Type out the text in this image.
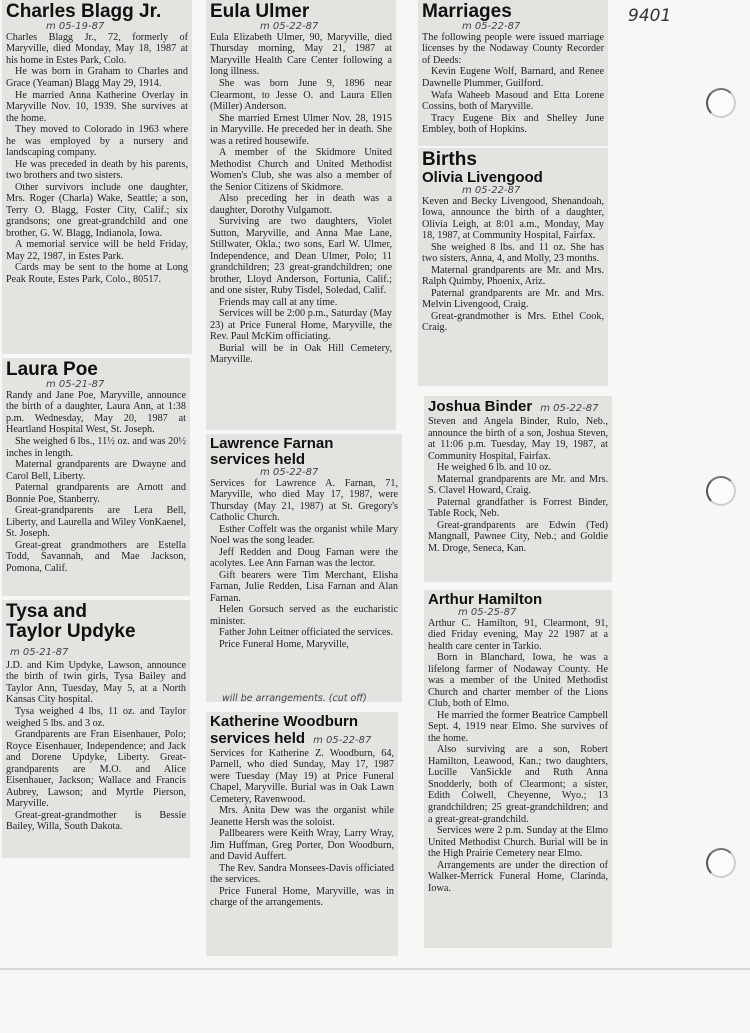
9401
Charles Blagg Jr.
m 05-19-87

Charles Blagg Jr., 72, formerly of Maryville, died Monday, May 18, 1987 at his home in Estes Park, Colo.

He was born in Graham to Charles and Grace (Yeaman) Blagg May 29, 1914.

He married Anna Katherine Overlay in Maryville Nov. 10, 1939. She survives at the home.

They moved to Colorado in 1963 where he was employed by a nursery and landscaping company.

He was preceded in death by his parents, two brothers and two sisters.

Other survivors include one daughter, Mrs. Roger (Charla) Wake, Seattle; a son, Terry O. Blagg, Foster City, Calif.; six grandsons; one great-grandchild and one brother, G. W. Blagg, Indianola, Iowa.

A memorial service will be held Friday, May 22, 1987, in Estes Park.

Cards may be sent to the home at Long Peak Route, Estes Park, Colo., 80517.

Laura Poe
m 05-21-87

Randy and Jane Poe, Maryville, announce the birth of a daughter, Laura Ann, at 1:38 p.m. Wednesday, May 20, 1987 at Heartland Hospital West, St. Joseph.

She weighed 6 lbs., 11½ oz. and was 20½ inches in length.

Maternal grandparents are Dwayne and Carol Bell, Liberty.

Paternal grandparents are Arnott and Bonnie Poe, Stanberry.

Great-grandparents are Lera Bell, Liberty, and Laurella and Wiley VonKaenel, St. Joseph.

Great-great grandmothers are Estella Todd, Savannah, and Mae Jackson, Pomona, Calif.

Tysa and
Taylor Updyke m 05-21-87

J.D. and Kim Updyke, Lawson, announce the birth of twin girls, Tysa Bailey and Taylor Ann, Tuesday, May 5, at a North Kansas City hospital.

Tysa weighed 4 lbs, 11 oz. and Taylor weighed 5 lbs. and 3 oz.

Grandparents are Fran Eisenhauer, Polo; Royce Eisenhauer, Independence; and Jack and Dorene Updyke, Liberty. Great-grandparents are M.O. and Alice Eisenhauer, Jackson; Wallace and Francis Aubrey, Lawson; and Myrtle Pierson, Maryville.

Great-great-grandmother is Bessie Bailey, Willa, South Dakota.

Eula Ulmer
m 05-22-87

Eula Elizabeth Ulmer, 90, Maryville, died Thursday morning, May 21, 1987 at Maryville Health Care Center following a long illness.

She was born June 9, 1896 near Clearmont, to Jesse O. and Laura Ellen (Miller) Anderson.

She married Ernest Ulmer Nov. 28, 1915 in Maryville. He preceded her in death. She was a retired housewife.

A member of the Skidmore United Methodist Church and United Methodist Women's Club, she was also a member of the Senior Citizens of Skidmore.

Also preceding her in death was a daughter, Dorothy Vulgamott.

Surviving are two daughters, Violet Sutton, Maryville, and Anna Mae Lane, Stillwater, Okla.; two sons, Earl W. Ulmer, Independence, and Dean Ulmer, Polo; 11 grandchildren; 23 great-grandchildren; one brother, Lloyd Anderson, Fortunia, Calif.; and one sister, Ruby Tisdel, Soledad, Calif.

Friends may call at any time.

Services will be 2:00 p.m., Saturday (May 23) at Price Funeral Home, Maryville, the Rev. Paul McKim officiating.

Burial will be in Oak Hill Cemetery, Maryville.

Lawrence Farnan
services held
m 05-22-87

Services for Lawrence A. Farnan, 71, Maryville, who died May 17, 1987, were Thursday (May 21, 1987) at St. Gregory's Catholic Church.

Esther Coffelt was the organist while Mary Noel was the song leader.

Jeff Redden and Doug Farnan were the acolytes. Lee Ann Farnan was the lector.

Gift bearers were Tim Merchant, Elisha Farnan, Julie Redden, Lisa Farnan and Alan Farnan.

Helen Gorsuch served as the eucharistic minister.

Father John Leitner officiated the services.

Price Funeral Home, Maryville,

will be arrangements. (cut off)
Katherine Woodburn
services held m 05-22-87

Services for Katherine Z. Woodburn, 64, Parnell, who died Sunday, May 17, 1987 were Tuesday (May 19) at Price Funeral Chapel, Maryville. Burial was in Oak Lawn Cemetery, Ravenwood.

Mrs. Anita Dew was the organist while Jeanette Hersh was the soloist.

Pallbearers were Keith Wray, Larry Wray, Jim Huffman, Greg Porter, Don Woodburn, and David Auffert.

The Rev. Sandra Monsees-Davis officiated the services.

Price Funeral Home, Maryville, was in charge of the arrangements.

Marriages
m 05-22-87

The following people were issued marriage licenses by the Nodaway County Recorder of Deeds:

Kevin Eugene Wolf, Barnard, and Renee Dawnelle Plummer, Guilford.

Wafa Waheeb Masoud and Etta Lorene Cossins, both of Maryville.

Tracy Eugene Bix and Shelley June Embley, both of Hopkins.

Births
Olivia Livengood
m 05-22-87

Keven and Becky Livengood, Shenandoah, Iowa, announce the birth of a daughter, Olivia Leigh, at 8:01 a.m., Monday, May 18, 1987, at Community Hospital, Fairfax.

She weighed 8 lbs. and 11 oz. She has two sisters, Anna, 4, and Molly, 23 months.

Maternal grandparents are Mr. and Mrs. Ralph Quimby, Phoenix, Ariz.

Paternal grandparents are Mr. and Mrs. Melvin Livengood, Craig.

Great-grandmother is Mrs. Ethel Cook, Craig.

Joshua Binder m 05-22-87

Steven and Angela Binder, Rulo, Neb., announce the birth of a son, Joshua Steven, at 11:06 p.m. Tuesday, May 19, 1987, at Community Hospital, Fairfax.

He weighed 6 lb. and 10 oz.

Maternal grandparents are Mr. and Mrs. S. Clavel Howard, Craig.

Paternal grandfather is Forrest Binder, Table Rock, Neb.

Great-grandparents are Edwin (Ted) Mangnall, Pawnee City, Neb.; and Goldie M. Droge, Seneca, Kan.

Arthur Hamilton
m 05-25-87

Arthur C. Hamilton, 91, Clearmont, 91, died Friday evening, May 22 1987 at a health care center in Tarkio.

Born in Blanchard, Iowa, he was a lifelong farmer of Nodaway County. He was a member of the United Methodist Church and charter member of the Lions Club, both of Elmo.

He married the former Beatrice Campbell Sept. 4, 1919 near Elmo. She survives of the home.

Also surviving are a son, Robert Hamilton, Leawood, Kan.; two daughters, Lucille VanSickle and Ruth Anna Snodderly, both of Clearmont; a sister, Edith Colwell, Cheyenne, Wyo.; 13 grandchildren; 25 great-grandchildren; and a great-great-grandchild.

Services were 2 p.m. Sunday at the Elmo United Methodist Church. Burial will be in the High Prairie Cemetery near Elmo.

Arrangements are under the direction of Walker-Merrick Funeral Home, Clarinda, Iowa.
